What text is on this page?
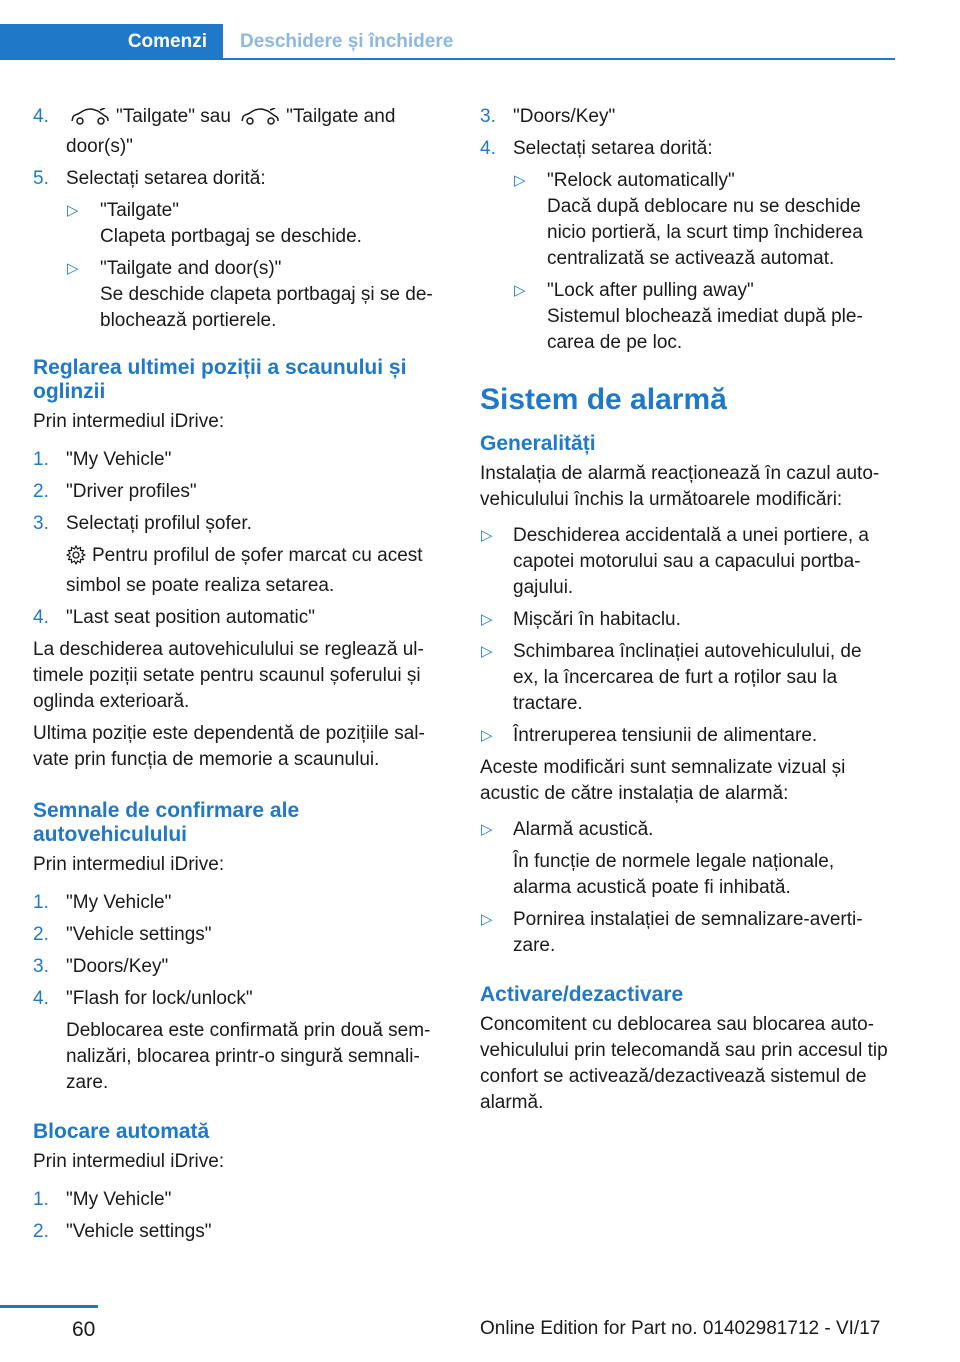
Comenzi	Deschidere și închidere
4.	"Tailgate" sau	"Tailgate and door(s)"
5. Selectați setarea dorită:
▷ "Tailgate"
Clapeta portbagaj se deschide.
▷ "Tailgate and door(s)"
Se deschide clapeta portbagaj și se deblochează portierele.
Reglarea ultimei poziții a scaunului și oglinzii

Prin intermediul iDrive:

1. "My Vehicle"
2. "Driver profiles"
3. Selectați profilul șofer.
Pentru profilul de șofer marcat cu acest simbol se poate realiza setarea.
4. "Last seat position automatic"

La deschiderea autovehiculului se reglează ultimele poziții setate pentru scaunul șoferului și oglinda exterioară.

Ultima poziție este dependentă de pozițiile salvate prin funcția de memorie a scaunului.

Semnale de confirmare ale autovehiculului

Prin intermediul iDrive:

1. "My Vehicle"
2. "Vehicle settings"
3. "Doors/Key"
4. "Flash for lock/unlock"
Deblocarea este confirmată prin două semnalizări, blocarea printr-o singură semnalizare.
Blocare automată

Prin intermediul iDrive:

1. "My Vehicle"
2. "Vehicle settings"
3. "Doors/Key"
4. Selectați setarea dorită:
▷ "Relock automatically"
Dacă după deblocare nu se deschide nicio portieră, la scurt timp închiderea centralizată se activează automat.
▷ "Lock after pulling away"
Sistemul blochează imediat după plecarea de pe loc.
Sistem de alarmă
Generalități

Instalația de alarmă reacționează în cazul autovehiculului închis la următoarele modificări:

▷ Deschiderea accidentală a unei portiere, a capotei motorului sau a capacului portbagajului.
▷ Mișcări în habitaclu.
▷ Schimbarea înclinației autovehiculului, de ex, la încercarea de furt a roților sau la tractare.
▷ Întreruperea tensiunii de alimentare.

Aceste modificări sunt semnalizate vizual și acustic de către instalația de alarmă:

▷ Alarmă acustică.
În funcție de normele legale naționale, alarma acustică poate fi inhibată.
▷ Pornirea instalației de semnalizare-avertizare.
Activare/dezactivare

Concomitent cu deblocarea sau blocarea autovehiculului prin telecomandă sau prin accesul tip confort se activează/dezactivează sistemul de alarmă.

60	Online Edition for Part no. 01402981712 - VI/17
